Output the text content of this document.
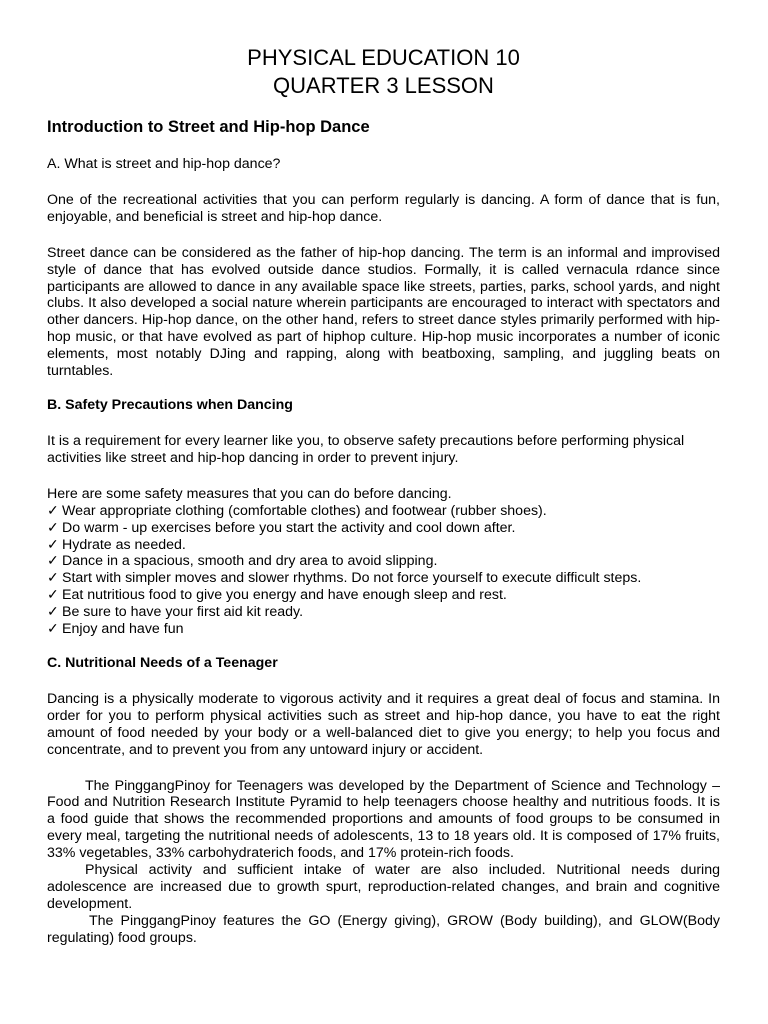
PHYSICAL EDUCATION 10
QUARTER 3 LESSON
Introduction to Street and Hip-hop Dance

A. What is street and hip-hop dance?

One of the recreational activities that you can perform regularly is dancing. A form of dance that is fun, enjoyable, and beneficial is street and hip-hop dance.

Street dance can be considered as the father of hip-hop dancing. The term is an informal and improvised style of dance that has evolved outside dance studios. Formally, it is called vernacula rdance since participants are allowed to dance in any available space like streets, parties, parks, school yards, and night clubs. It also developed a social nature wherein participants are encouraged to interact with spectators and other dancers. Hip-hop dance, on the other hand, refers to street dance styles primarily performed with hip-hop music, or that have evolved as part of hiphop culture. Hip-hop music incorporates a number of iconic elements, most notably DJing and rapping, along with beatboxing, sampling, and juggling beats on turntables.

B. Safety Precautions when Dancing

It is a requirement for every learner like you, to observe safety precautions before performing physical activities like street and hip-hop dancing in order to prevent injury.

Here are some safety measures that you can do before dancing.

✓ Wear appropriate clothing (comfortable clothes) and footwear (rubber shoes).
✓ Do warm - up exercises before you start the activity and cool down after.
✓ Hydrate as needed.
✓ Dance in a spacious, smooth and dry area to avoid slipping.
✓ Start with simpler moves and slower rhythms. Do not force yourself to execute difficult steps.
✓ Eat nutritious food to give you energy and have enough sleep and rest.
✓ Be sure to have your first aid kit ready.
✓ Enjoy and have fun
C. Nutritional Needs of a Teenager

Dancing is a physically moderate to vigorous activity and it requires a great deal of focus and stamina. In order for you to perform physical activities such as street and hip-hop dance, you have to eat the right amount of food needed by your body or a well-balanced diet to give you energy; to help you focus and concentrate, and to prevent you from any untoward injury or accident.

The PinggangPinoy for Teenagers was developed by the Department of Science and Technology –Food and Nutrition Research Institute Pyramid to help teenagers choose healthy and nutritious foods. It is a food guide that shows the recommended proportions and amounts of food groups to be consumed in every meal, targeting the nutritional needs of adolescents, 13 to 18 years old. It is composed of 17% fruits, 33% vegetables, 33% carbohydraterich foods, and 17% protein-rich foods.

Physical activity and sufficient intake of water are also included. Nutritional needs during adolescence are increased due to growth spurt, reproduction-related changes, and brain and cognitive development.

The PinggangPinoy features the GO (Energy giving), GROW (Body building), and GLOW(Body regulating) food groups.
